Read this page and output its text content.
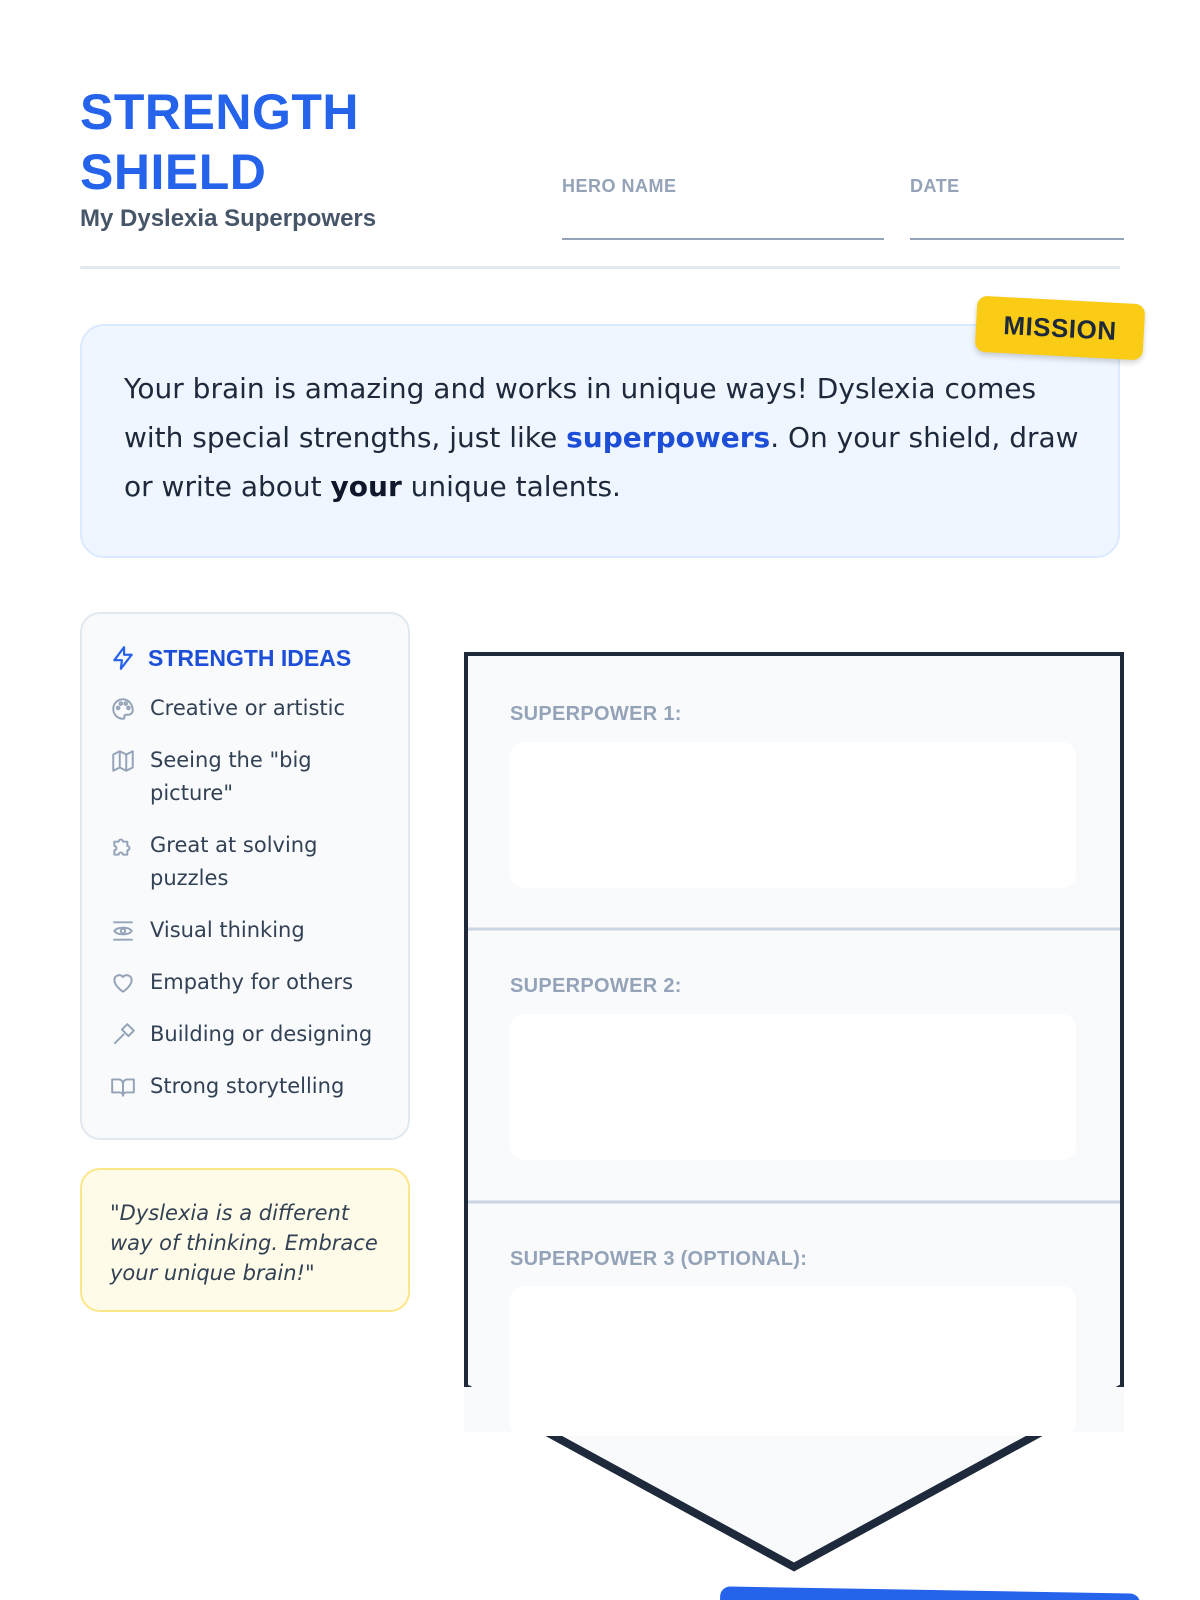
STRENGTH
SHIELD
My Dyslexia Superpowers
HERO NAME	DATE

Your brain is amazing and works in unique ways! Dyslexia comes with special strengths, just like superpowers. On your shield, draw or write about your unique talents.

MISSION
STRENGTH IDEAS
Creative or artistic
Seeing the "big picture"
Great at solving puzzles
Visual thinking
Empathy for others
Building or designing
Strong storytelling

"Dyslexia is a different way of thinking. Embrace your unique brain!"

SUPERPOWER 1:
SUPERPOWER 2:
SUPERPOWER 3 (OPTIONAL):
